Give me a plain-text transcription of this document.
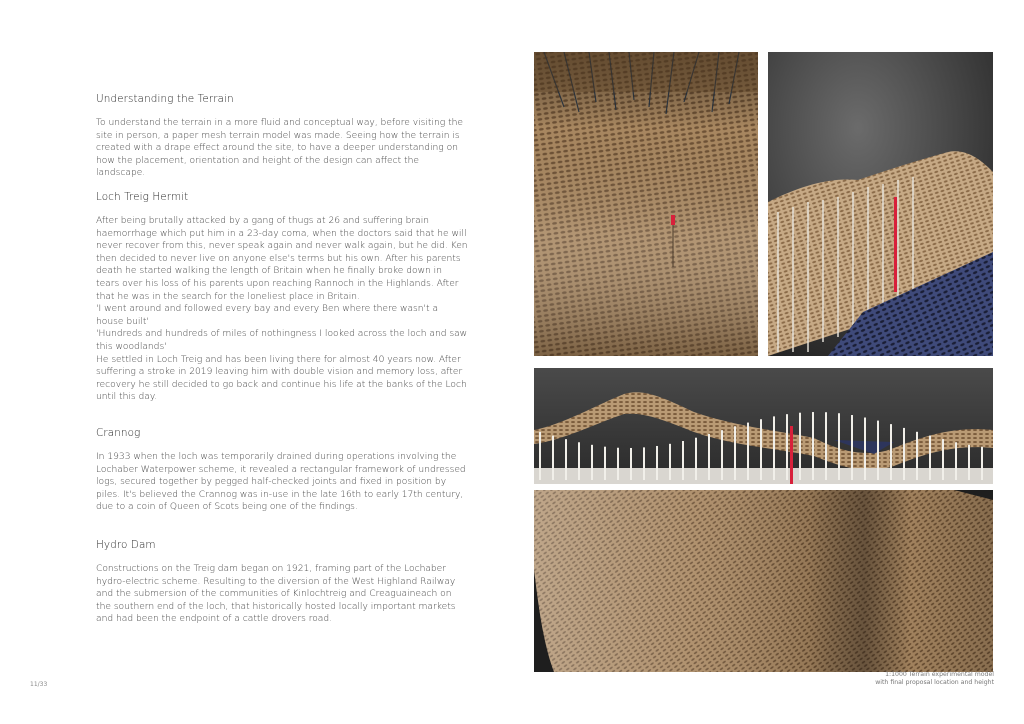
Understanding the Terrain

To understand the terrain in a more fluid and conceptual way, before visiting the site in person, a paper mesh terrain model was made. Seeing how the terrain is created with a drape effect around the site, to have a deeper understanding on how the placement, orientation and height of the design can affect the landscape.

Loch Treig Hermit

After being brutally attacked by a gang of thugs at 26 and suffering brain haemorrhage which put him in a 23-day coma, when the doctors said that he will never recover from this, never speak again and never walk again, but he did. Ken then decided to never live on anyone else's terms but his own. After his parents death he started walking the length of Britain when he finally broke down in tears over his loss of his parents upon reaching Rannoch in the Highlands. After that he was in the search for the loneliest place in Britain.

'I went around and followed every bay and every Ben where there wasn't a house built'

'Hundreds and hundreds of miles of nothingness I looked across the loch and saw this woodlands'

He settled in Loch Treig and has been living there for almost 40 years now. After suffering a stroke in 2019 leaving him with double vision and memory loss, after recovery he still decided to go back and continue his life at the banks of the Loch until this day.

Crannog

In 1933 when the loch was temporarily drained during operations involving the Lochaber Waterpower scheme, it revealed a rectangular framework of undressed logs, secured together by pegged half-checked joints and fixed in position by piles. It's believed the Crannog was in-use in the late 16th to early 17th century, due to a coin of Queen of Scots being one of the findings.

Hydro Dam

Constructions on the Treig dam began on 1921, framing part of the Lochaber hydro-electric scheme. Resulting to the diversion of the West Highland Railway and the submersion of the communities of Kinlochtreig and Creaguaineach on the southern end of the loch, that historically hosted locally important markets and had been the endpoint of a cattle drovers road.

11/33
1:1000 Terrain experimental model
with final proposal location and height
